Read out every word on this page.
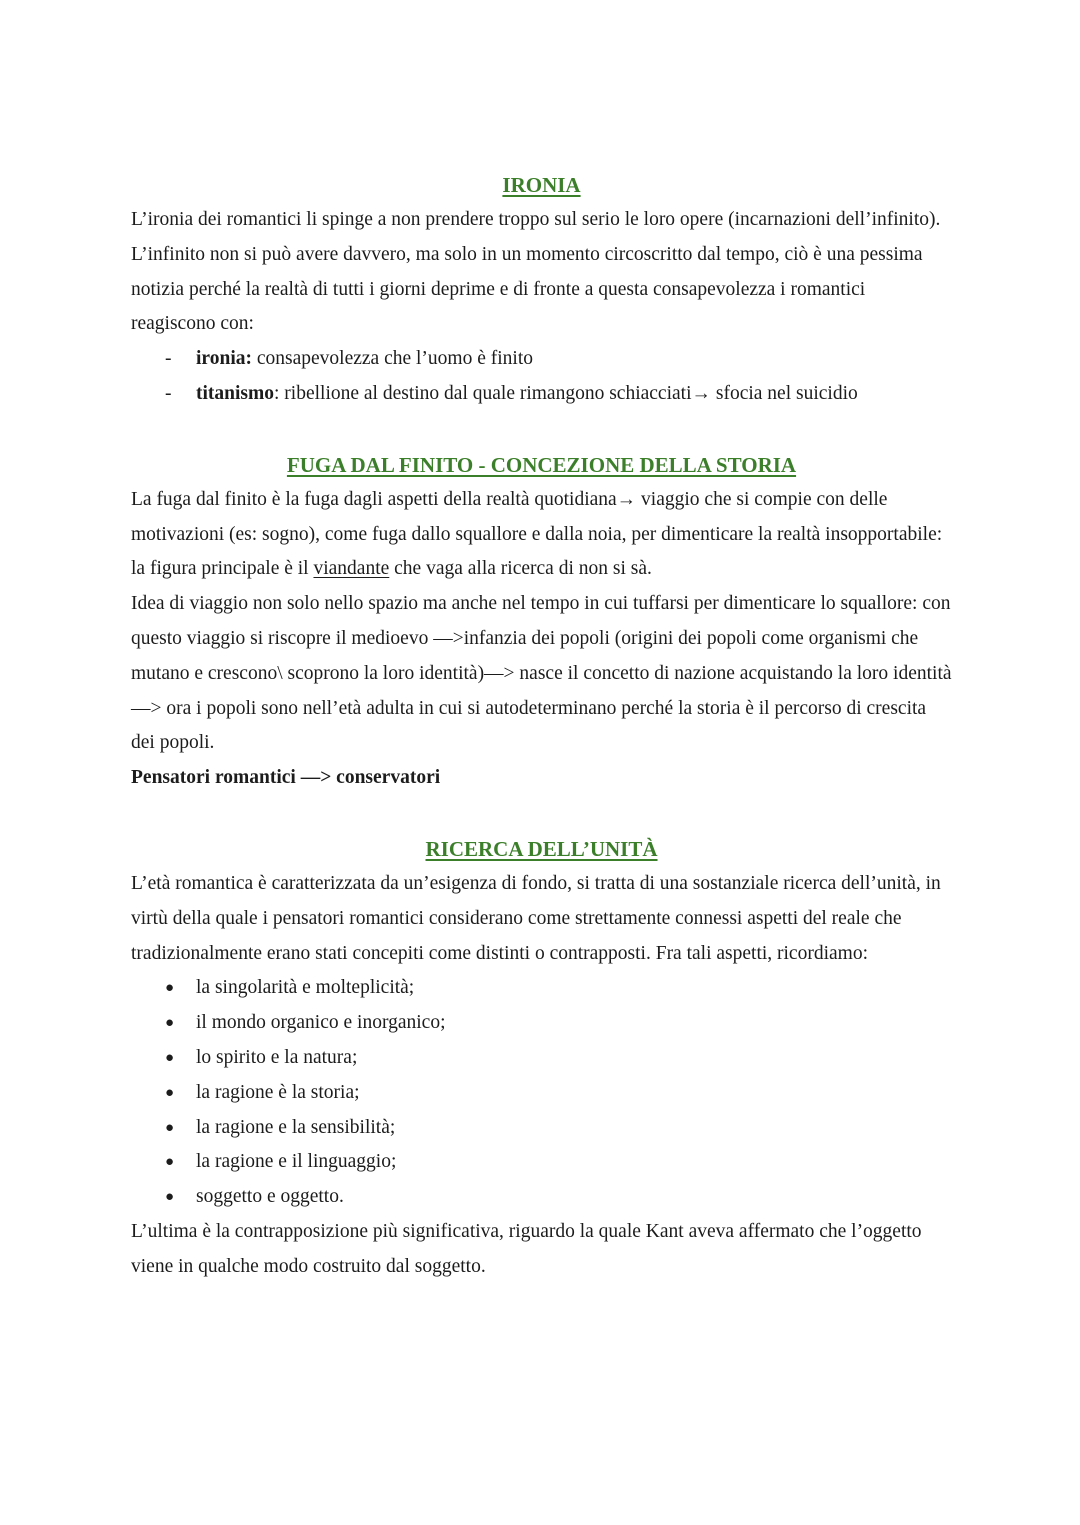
IRONIA

L’ironia dei romantici li spinge a non prendere troppo sul serio le loro opere (incarnazioni dell’infinito).

L’infinito non si può avere davvero, ma solo in un momento circoscritto dal tempo, ciò è una pessima notizia perché la realtà di tutti i giorni deprime e di fronte a questa consapevolezza i romantici reagiscono con:

- ironia: consapevolezza che l’uomo è finito
- titanismo: ribellione al destino dal quale rimangono schiacciati→ sfocia nel suicidio
FUGA DAL FINITO - CONCEZIONE DELLA STORIA

La fuga dal finito è la fuga dagli aspetti della realtà quotidiana→ viaggio che si compie con delle motivazioni (es: sogno), come fuga dallo squallore e dalla noia, per dimenticare la realtà insopportabile: la figura principale è il viandante che vaga alla ricerca di non si sà.

Idea di viaggio non solo nello spazio ma anche nel tempo in cui tuffarsi per dimenticare lo squallore: con questo viaggio si riscopre il medioevo —>infanzia dei popoli (origini dei popoli come organismi che mutano e crescono\ scoprono la loro identità)—> nasce il concetto di nazione acquistando la loro identità—> ora i popoli sono nell’età adulta in cui si autodeterminano perché la storia è il percorso di crescita dei popoli.

Pensatori romantici —> conservatori

RICERCA DELL’UNITÀ

L’età romantica è caratterizzata da un’esigenza di fondo, si tratta di una sostanziale ricerca dell’unità, in virtù della quale i pensatori romantici considerano come strettamente connessi aspetti del reale che tradizionalmente erano stati concepiti come distinti o contrapposti. Fra tali aspetti, ricordiamo:

● la singolarità e molteplicità;
● il mondo organico e inorganico;
● lo spirito e la natura;
● la ragione è la storia;
● la ragione e la sensibilità;
● la ragione e il linguaggio;
● soggetto e oggetto.

L’ultima è la contrapposizione più significativa, riguardo la quale Kant aveva affermato che l’oggetto viene in qualche modo costruito dal soggetto.
